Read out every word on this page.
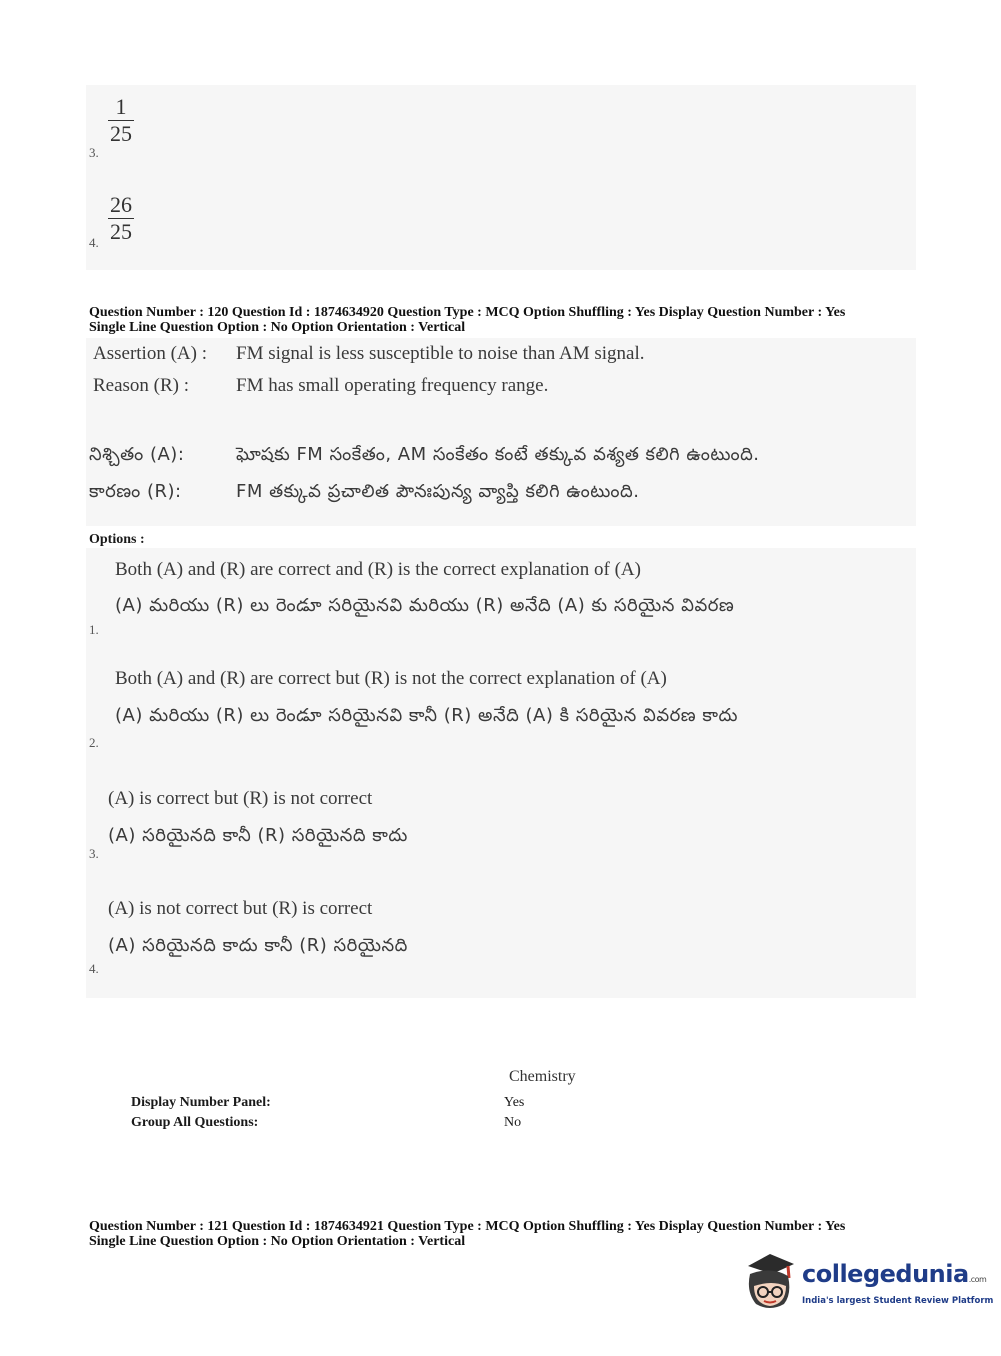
$\frac{1}{25}$
3.
$\frac{26}{25}$
4.
Question Number : 120 Question Id : 1874634920 Question Type : MCQ Option Shuffling : Yes Display Question Number : Yes
Single Line Question Option : No Option Orientation : Vertical
Assertion (A) : FM signal is less susceptible to noise than AM signal.
Reason (R) : FM has small operating frequency range.
నిశ్చితం (A):	ఘోషకు FM సంకేతం, AM సంకేతం కంటే తక్కువ వశ్యత కలిగి ఉంటుంది.
కారణం (R):	FM తక్కువ ప్రచాలిత పౌనఃపున్య వ్యాప్తి కలిగి ఉంటుంది.
Options :
Both (A) and (R) are correct and (R) is the correct explanation of (A)
(A) మరియు (R) లు రెండూ సరియైనవి మరియు (R) అనేది (A) కు సరియైన వివరణ
1.
Both (A) and (R) are correct but (R) is not the correct explanation of (A)
(A) మరియు (R) లు రెండూ సరియైనవి కానీ (R) అనేది (A) కి సరియైన వివరణ కాదు
2.
(A) is correct but (R) is not correct
(A) సరియైనది కానీ (R) సరియైనది కాదు
3.
(A) is not correct but (R) is correct
(A) సరియైనది కాదు కానీ (R) సరియైనది
4.
Chemistry
Display Number Panel:	Yes
Group All Questions:	No
Question Number : 121 Question Id : 1874634921 Question Type : MCQ Option Shuffling : Yes Display Question Number : Yes
Single Line Question Option : No Option Orientation : Vertical
collegedunia.com
India's largest Student Review Platform
